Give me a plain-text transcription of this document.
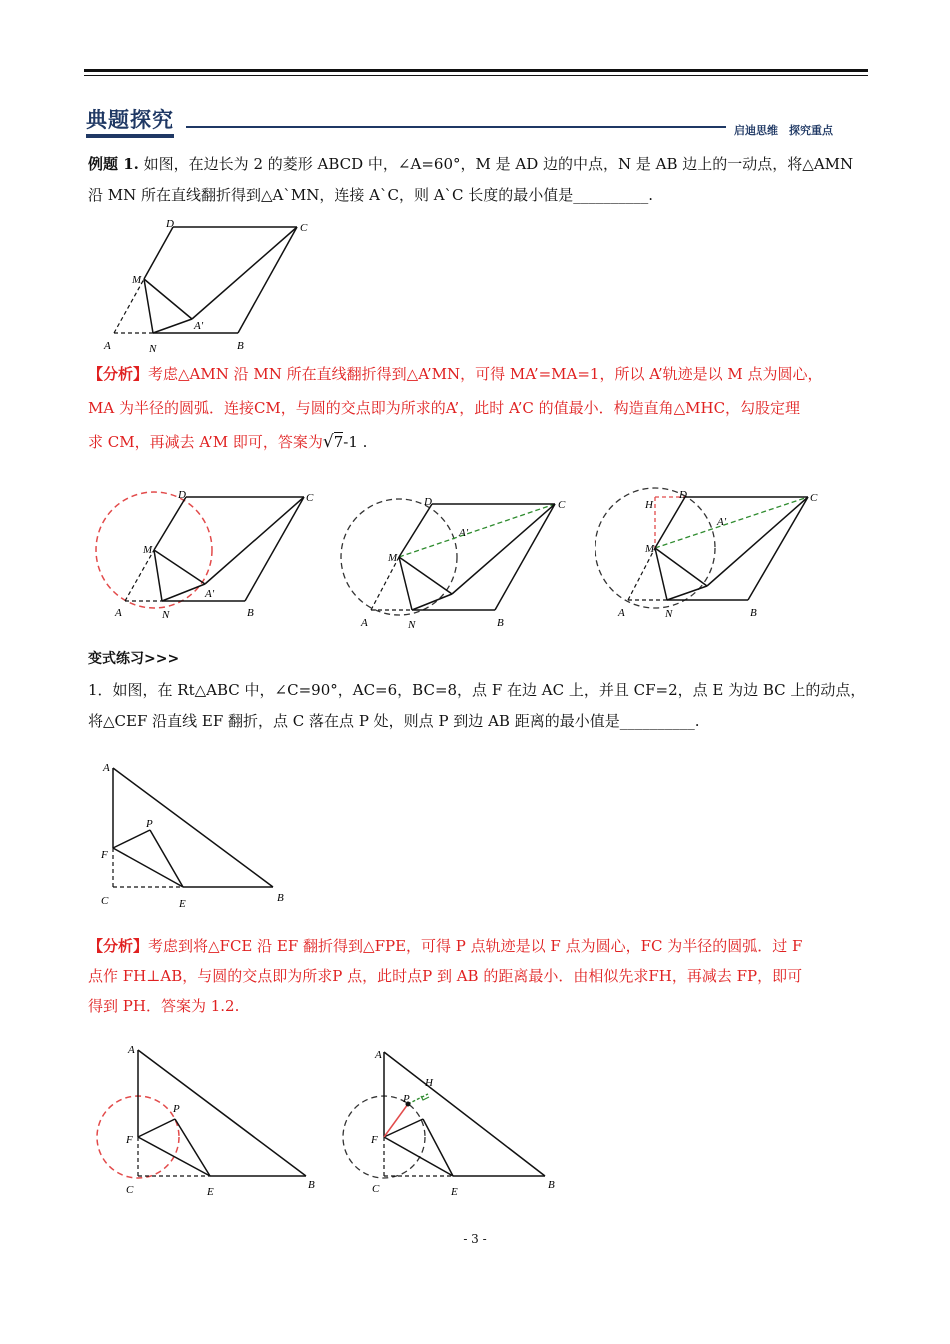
典题探究	启迪思维　探究重点
例题 1. 如图，在边长为 2 的菱形 ABCD 中，∠A=60°，M 是 AD 边的中点，N 是 AB 边上的一动点，将△AMN
沿 MN 所在直线翻折得到△A`MN，连接 A`C，则 A`C 长度的最小值是__________.
D	C
M
A'
A	N	B
【分析】考虑△AMN 沿 MN 所在直线翻折得到△A’MN，可得 MA’=MA=1，所以 A’轨迹是以 M 点为圆心，
MA 为半径的圆弧．连接CM，与圆的交点即为所求的A’，此时 A’C 的值最小．构造直角△MHC，勾股定理
求 CM，再减去 A’M 即可，答案为√7-1 .
D	C
M
A'
A	N	B
D	C
M
A'
A	N	B
H
D	C
M
A'
A	N	B
变式练习>>>
1．如图，在 Rt△ABC 中，∠C=90°，AC=6，BC=8，点 F 在边 AC 上，并且 CF=2，点 E 为边 BC 上的动点，
将△CEF 沿直线 EF 翻折，点 C 落在点 P 处，则点 P 到边 AB 距离的最小值是__________.
A
P
F
C	E	B
【分析】考虑到将△FCE 沿 EF 翻折得到△FPE，可得 P 点轨迹是以 F 点为圆心，FC 为半径的圆弧．过 F
点作 FH⊥AB，与圆的交点即为所求P 点，此时点P 到 AB 的距离最小．由相似先求FH，再减去 FP，即可
得到 PH．答案为 1.2.
A
P
F
C	E
B
A
H
P
F
C	E
B
- 3 -
